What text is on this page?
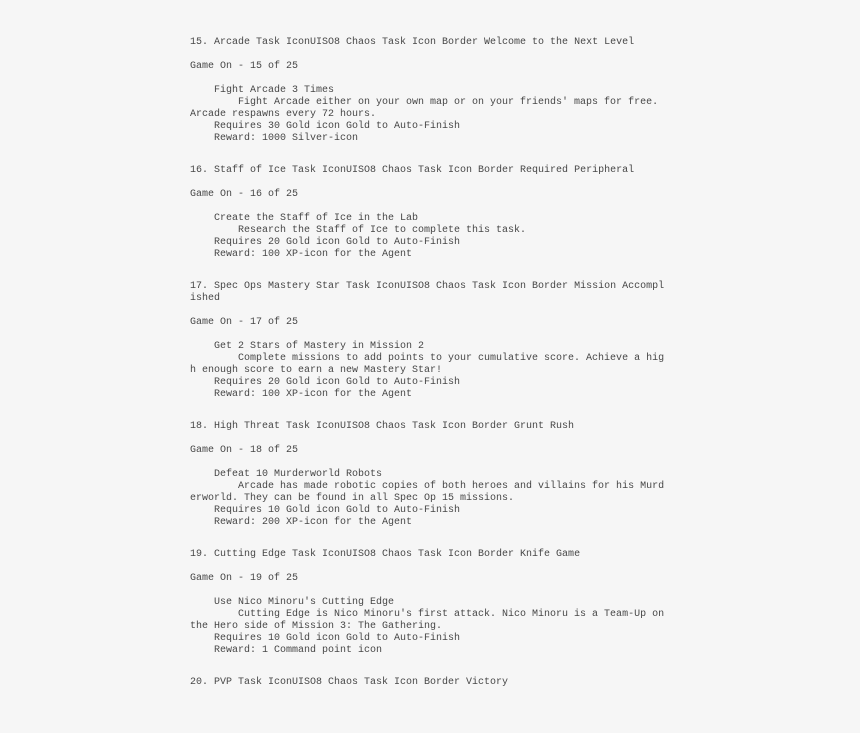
15. Arcade Task IconUISO8 Chaos Task Icon Border Welcome to the Next Level
Game On - 15 of 25
Fight Arcade 3 Times
Fight Arcade either on your own map or on your friends' maps for free. Arcade respawns every 72 hours.
Requires 30 Gold icon Gold to Auto-Finish
Reward: 1000 Silver-icon
16. Staff of Ice Task IconUISO8 Chaos Task Icon Border Required Peripheral
Game On - 16 of 25
Create the Staff of Ice in the Lab
Research the Staff of Ice to complete this task.
Requires 20 Gold icon Gold to Auto-Finish
Reward: 100 XP-icon for the Agent
17. Spec Ops Mastery Star Task IconUISO8 Chaos Task Icon Border Mission Accomplished
Game On - 17 of 25
Get 2 Stars of Mastery in Mission 2
Complete missions to add points to your cumulative score. Achieve a high enough score to earn a new Mastery Star!
Requires 20 Gold icon Gold to Auto-Finish
Reward: 100 XP-icon for the Agent
18. High Threat Task IconUISO8 Chaos Task Icon Border Grunt Rush
Game On - 18 of 25
Defeat 10 Murderworld Robots
Arcade has made robotic copies of both heroes and villains for his Murderworld. They can be found in all Spec Op 15 missions.
Requires 10 Gold icon Gold to Auto-Finish
Reward: 200 XP-icon for the Agent
19. Cutting Edge Task IconUISO8 Chaos Task Icon Border Knife Game
Game On - 19 of 25
Use Nico Minoru's Cutting Edge
Cutting Edge is Nico Minoru's first attack. Nico Minoru is a Team-Up on the Hero side of Mission 3: The Gathering.
Requires 10 Gold icon Gold to Auto-Finish
Reward: 1 Command point icon
20. PVP Task IconUISO8 Chaos Task Icon Border Victory
